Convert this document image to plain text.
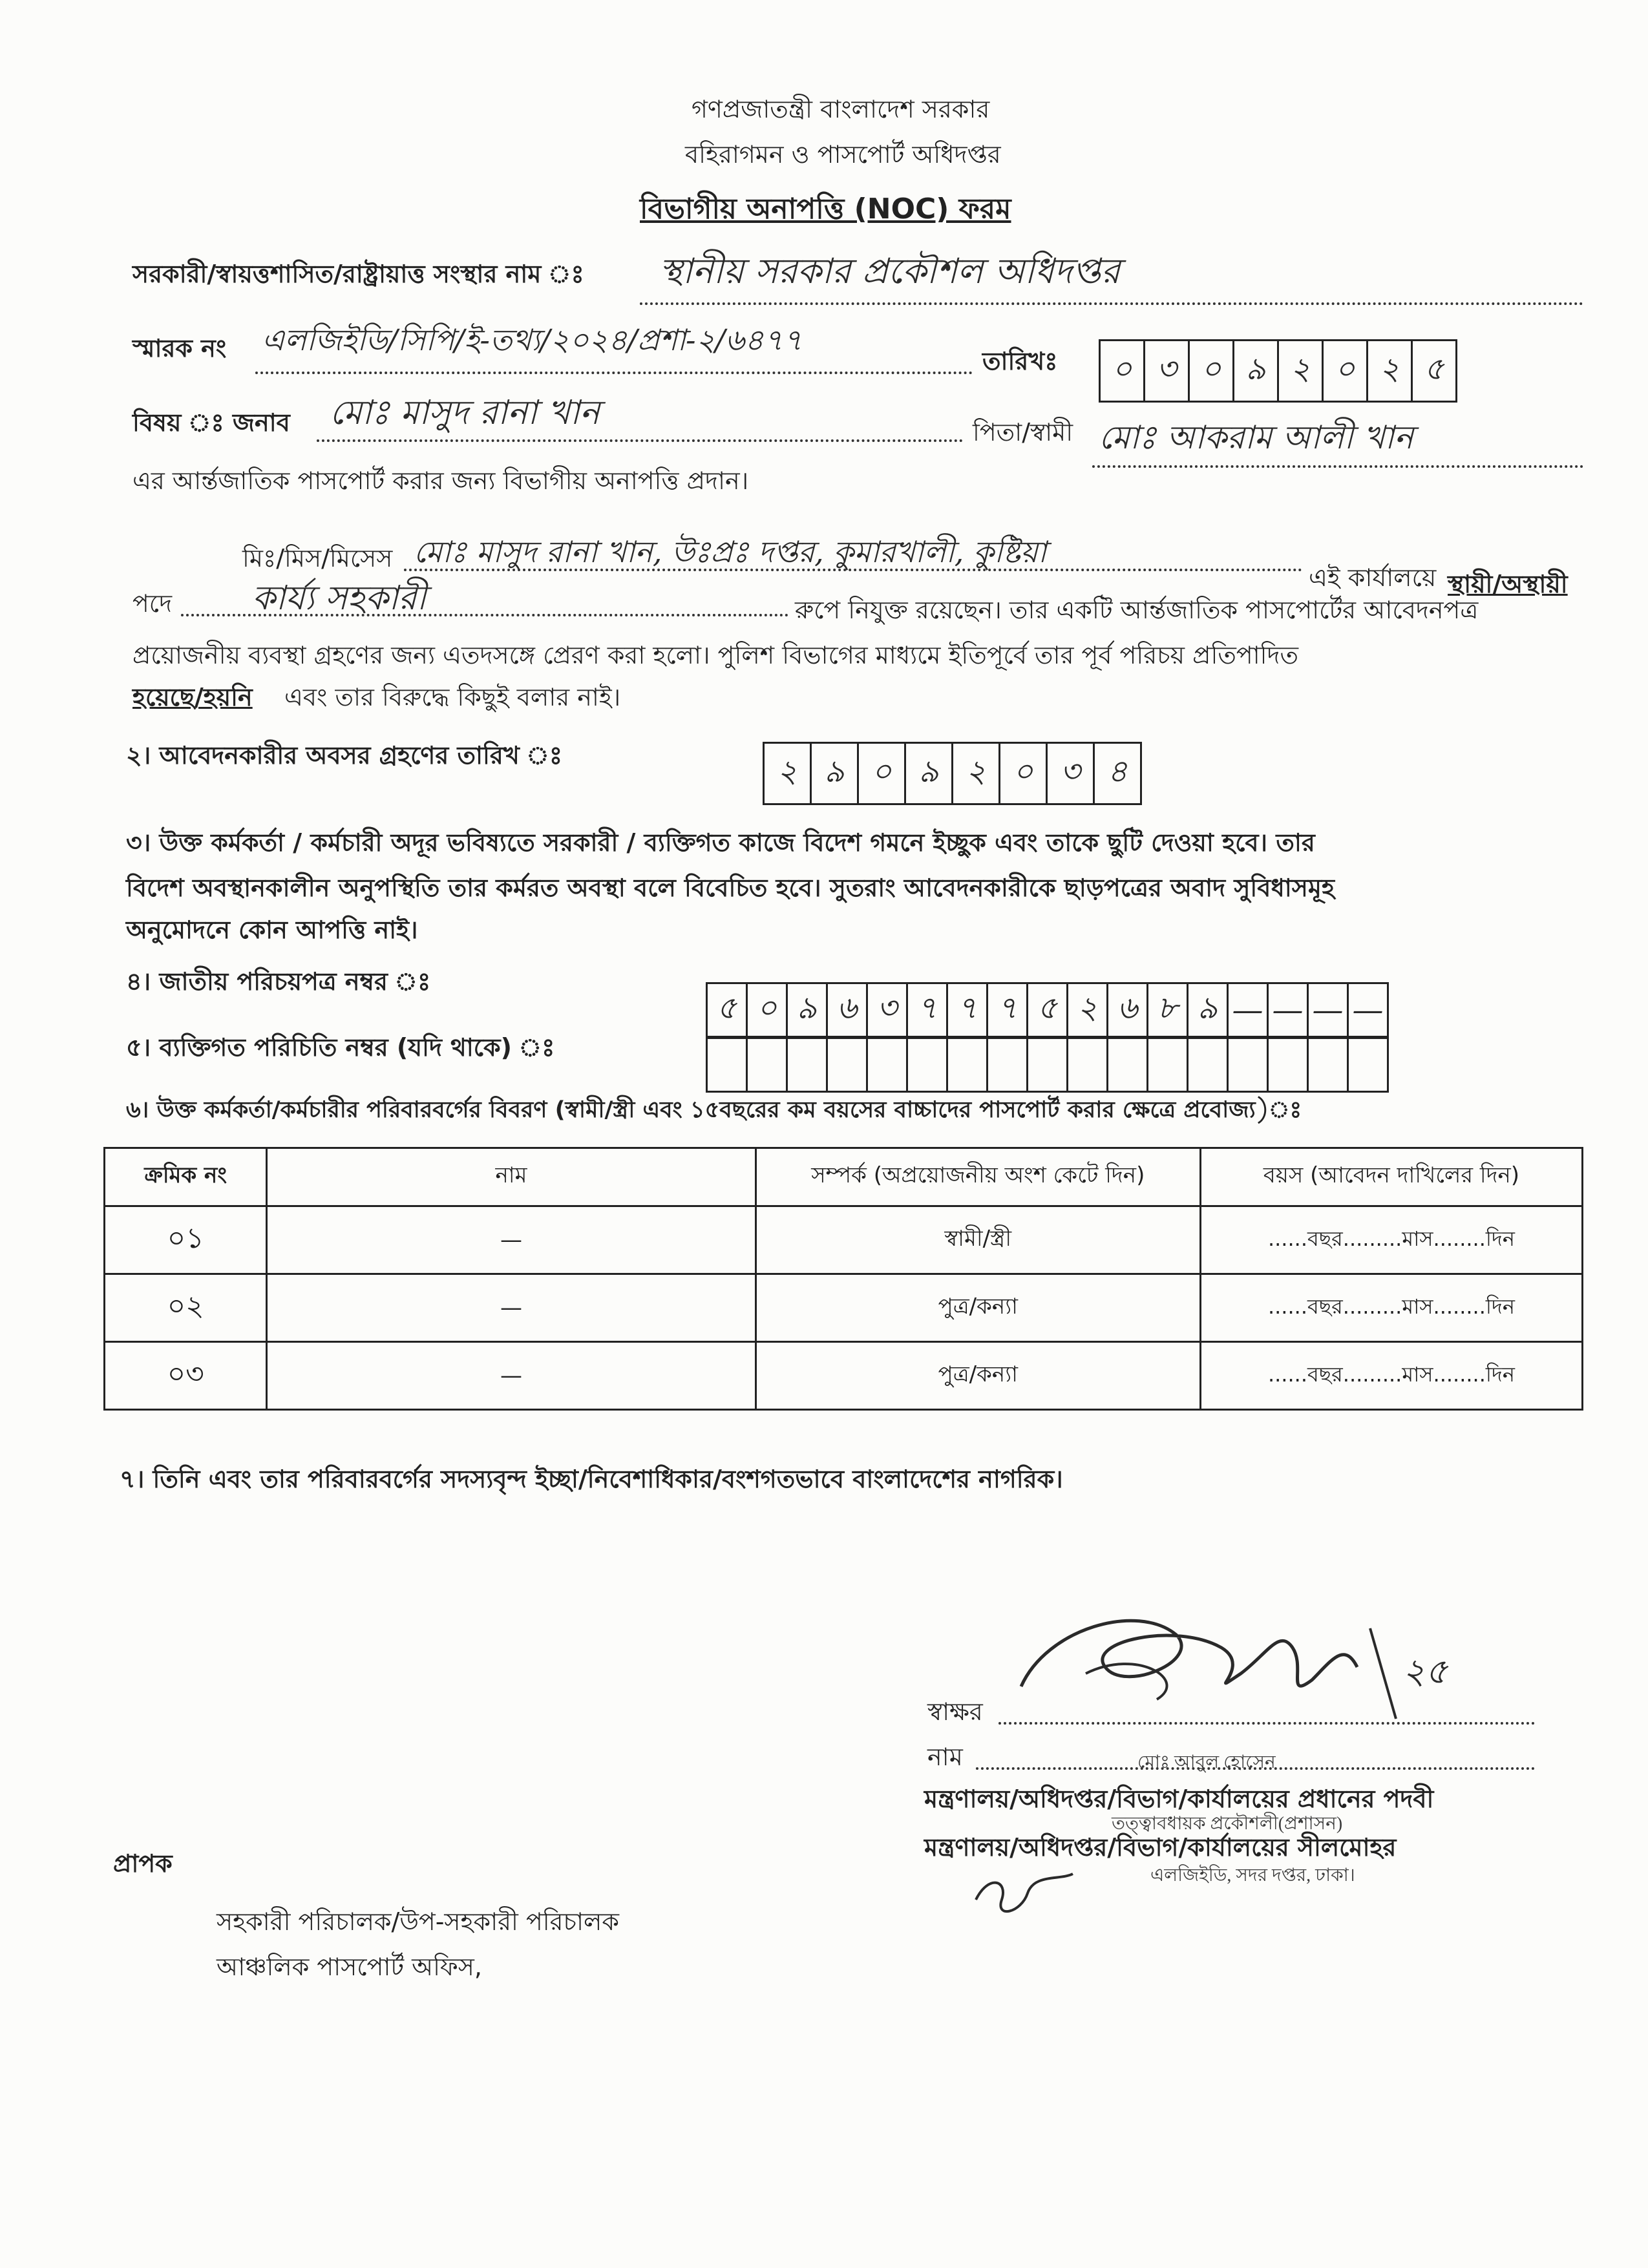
গণপ্রজাতন্ত্রী বাংলাদেশ সরকার
বহিরাগমন ও পাসপোর্ট অধিদপ্তর
বিভাগীয় অনাপত্তি (NOC) ফরম
সরকারী/স্বায়ত্তশাসিত/রাষ্ট্রায়াত্ত সংস্থার নাম ঃ স্থানীয় সরকার প্রকৌশল অধিদপ্তর
স্মারক নং এলজিইডি/সিপি/ই-তথ্য/২০২৪/প্রশা-২/৬৪৭৭
তারিখঃ	০ ৩ ০ ৯ ২ ০ ২ ৫
বিষয় ঃ জনাব মোঃ মাসুদ রানা খান	পিতা/স্বামী মোঃ আকরাম আলী খান
এর আর্ন্তজাতিক পাসপোর্ট করার জন্য বিভাগীয় অনাপত্তি প্রদান।
মিঃ/মিস/মিসেস মোঃ মাসুদ রানা খান, উঃপ্রঃ দপ্তর, কুমারখালী, কুষ্টিয়া
এই কার্যালয়ে স্থায়ী/অস্থায়ী
পদে কার্য্য সহকারী	রুপে নিযুক্ত রয়েছেন। তার একটি আর্ন্তজাতিক পাসপোর্টের আবেদনপত্র
প্রয়োজনীয় ব্যবস্থা গ্রহণের জন্য এতদসঙ্গে প্রেরণ করা হলো। পুলিশ বিভাগের মাধ্যমে ইতিপূর্বে তার পূর্ব পরিচয় প্রতিপাদিত
হয়েছে/হয়নি এবং তার বিরুদ্ধে কিছুই বলার নাই।
২। আবেদনকারীর অবসর গ্রহণের তারিখ ঃ	২ ৯ ০ ৯ ২ ০ ৩ ৪
৩। উক্ত কর্মকর্তা / কর্মচারী অদূর ভবিষ্যতে সরকারী / ব্যক্তিগত কাজে বিদেশ গমনে ইচ্ছুক এবং তাকে ছুটি দেওয়া হবে। তার
বিদেশ অবস্থানকালীন অনুপস্থিতি তার কর্মরত অবস্থা বলে বিবেচিত হবে। সুতরাং আবেদনকারীকে ছাড়পত্রের অবাদ সুবিধাসমূহ
অনুমোদনে কোন আপত্তি নাই।
৪। জাতীয় পরিচয়পত্র নম্বর ঃ
৫ ০ ৯ ৬ ৩ ৭ ৭ ৭ ৫ ২ ৬ ৮ ৯ — — — —
৫। ব্যক্তিগত পরিচিতি নম্বর (যদি থাকে) ঃ
৬। উক্ত কর্মকর্তা/কর্মচারীর পরিবারবর্গের বিবরণ (স্বামী/স্ত্রী এবং ১৫বছরের কম বয়সের বাচ্চাদের পাসপোর্ট করার ক্ষেত্রে প্রবোজ্য)ঃ
ক্রমিক নং	নাম	সম্পর্ক (অপ্রয়োজনীয় অংশ কেটে দিন)	বয়স (আবেদন দাখিলের দিন)
০১	—	স্বামী/স্ত্রী	......বছর.........মাস........দিন
০২	—	পুত্র/কন্যা	......বছর.........মাস........দিন
০৩	—	পুত্র/কন্যা	......বছর.........মাস........দিন
৭। তিনি এবং তার পরিবারবর্গের সদস্যবৃন্দ ইচ্ছা/নিবেশাধিকার/বংশগতভাবে বাংলাদেশের নাগরিক।
২৫
স্বাক্ষর
নাম
মন্ত্রণালয়/অধিদপ্তর/বিভাগ/কার্যালয়ের প্রধানের পদবী
মোঃ আবুল হোসেন
তত্ত্বাবধায়ক প্রকৌশলী(প্রশাসন)
এলজিইডি, সদর দপ্তর, ঢাকা।
মন্ত্রণালয়/অধিদপ্তর/বিভাগ/কার্যালয়ের সীলমোহর
প্রাপক
সহকারী পরিচালক/উপ-সহকারী পরিচালক
আঞ্চলিক পাসপোর্ট অফিস,
